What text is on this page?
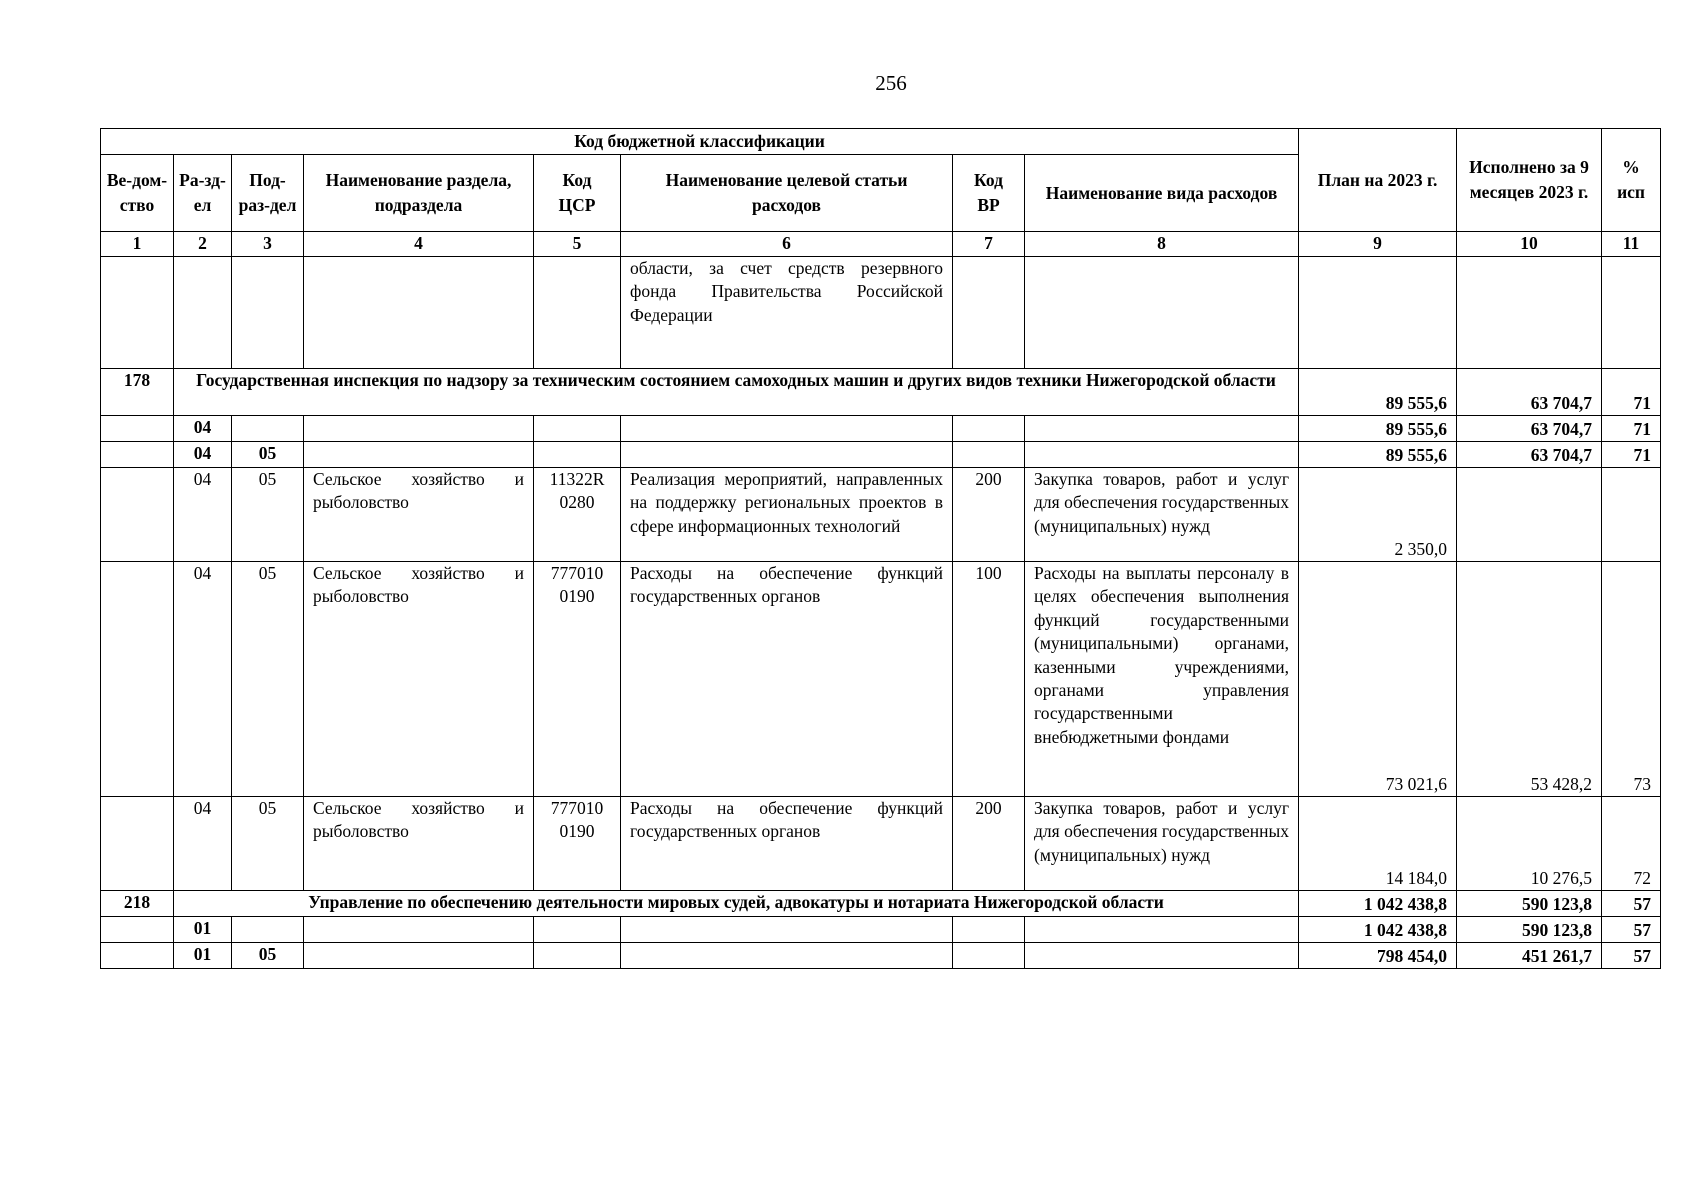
256
Код бюджетной классификации								План на 2023 г.	Исполнено за 9 месяцев 2023 г.	% исп
Ве-дом-ство	Ра-зд-ел	Под-раз-дел	Наименование раздела, подраздела	Код ЦСР	Наименование целевой статьи расходов	Код ВР	Наименование вида расходов			
1	2	3	4	5	6	7	8	9	10	11
					области, за счет средств резервного фонда Правительства Российской Федерации					
178	Государственная инспекция по надзору за техническим состоянием самоходных машин и других видов техники Нижегородской области							89 555,6	63 704,7	71
	04							89 555,6	63 704,7	71
	04	05						89 555,6	63 704,7	71
	04	05	Сельское хозяйство и рыболовство	11322R 0280	Реализация мероприятий, направленных на поддержку региональных проектов в сфере информационных технологий	200	Закупка товаров, работ и услуг для обеспечения государственных (муниципальных) нужд	2 350,0		
	04	05	Сельское хозяйство и рыболовство	777010 0190	Расходы на обеспечение функций государственных органов	100	Расходы на выплаты персоналу в целях обеспечения выполнения функций государственными (муниципальными) органами, казенными учреждениями, органами управления государственными внебюджетными фондами	73 021,6	53 428,2	73
	04	05	Сельское хозяйство и рыболовство	777010 0190	Расходы на обеспечение функций государственных органов	200	Закупка товаров, работ и услуг для обеспечения государственных (муниципальных) нужд	14 184,0	10 276,5	72
218	Управление по обеспечению деятельности мировых судей, адвокатуры и нотариата Нижегородской области							1 042 438,8	590 123,8	57
	01							1 042 438,8	590 123,8	57
	01	05						798 454,0	451 261,7	57
